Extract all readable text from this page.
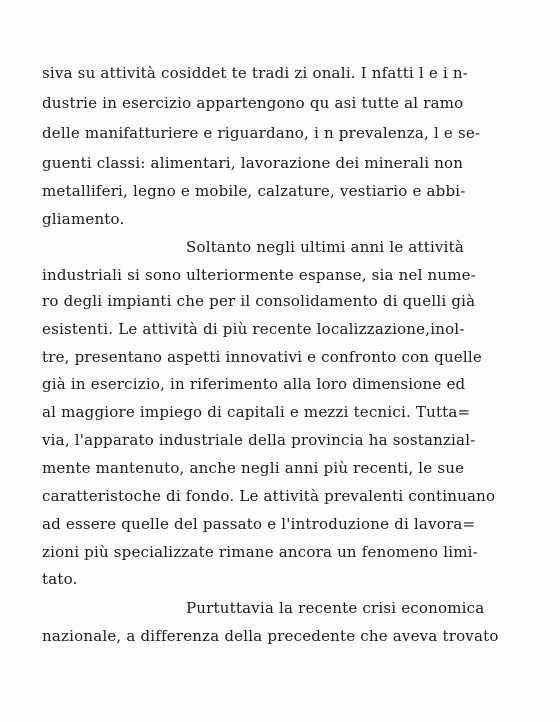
siva su attività cosiddet te tradi zi onali. I nfatti l e i n-
dustrie in esercizio appartengono qu asi tutte al ramo
delle manifatturiere e riguardano, i n prevalenza, l e se-
guenti classi: alimentari, lavorazione dei minerali non
metalliferi, legno e mobile, calzature, vestiario e abbi-
gliamento.
Soltanto negli ultimi anni le attività
industriali si sono ulteriormente espanse, sia nel nume-
ro degli impianti che per il consolidamento di quelli già
esistenti. Le attività di più recente localizzazione,inol-
tre, presentano aspetti innovativi e confronto con quelle
già in esercizio, in riferimento alla loro dimensione ed
al maggiore impiego di capitali e mezzi tecnici. Tutta=
via, l'apparato industriale della provincia ha sostanzial-
mente mantenuto, anche negli anni più recenti, le sue
caratteristoche di fondo. Le attività prevalenti continuano
ad essere quelle del passato e l'introduzione di lavora=
zioni più specializzate rimane ancora un fenomeno limi-
tato.
Purtuttavia la recente crisi economica
nazionale, a differenza della precedente che aveva trovato
